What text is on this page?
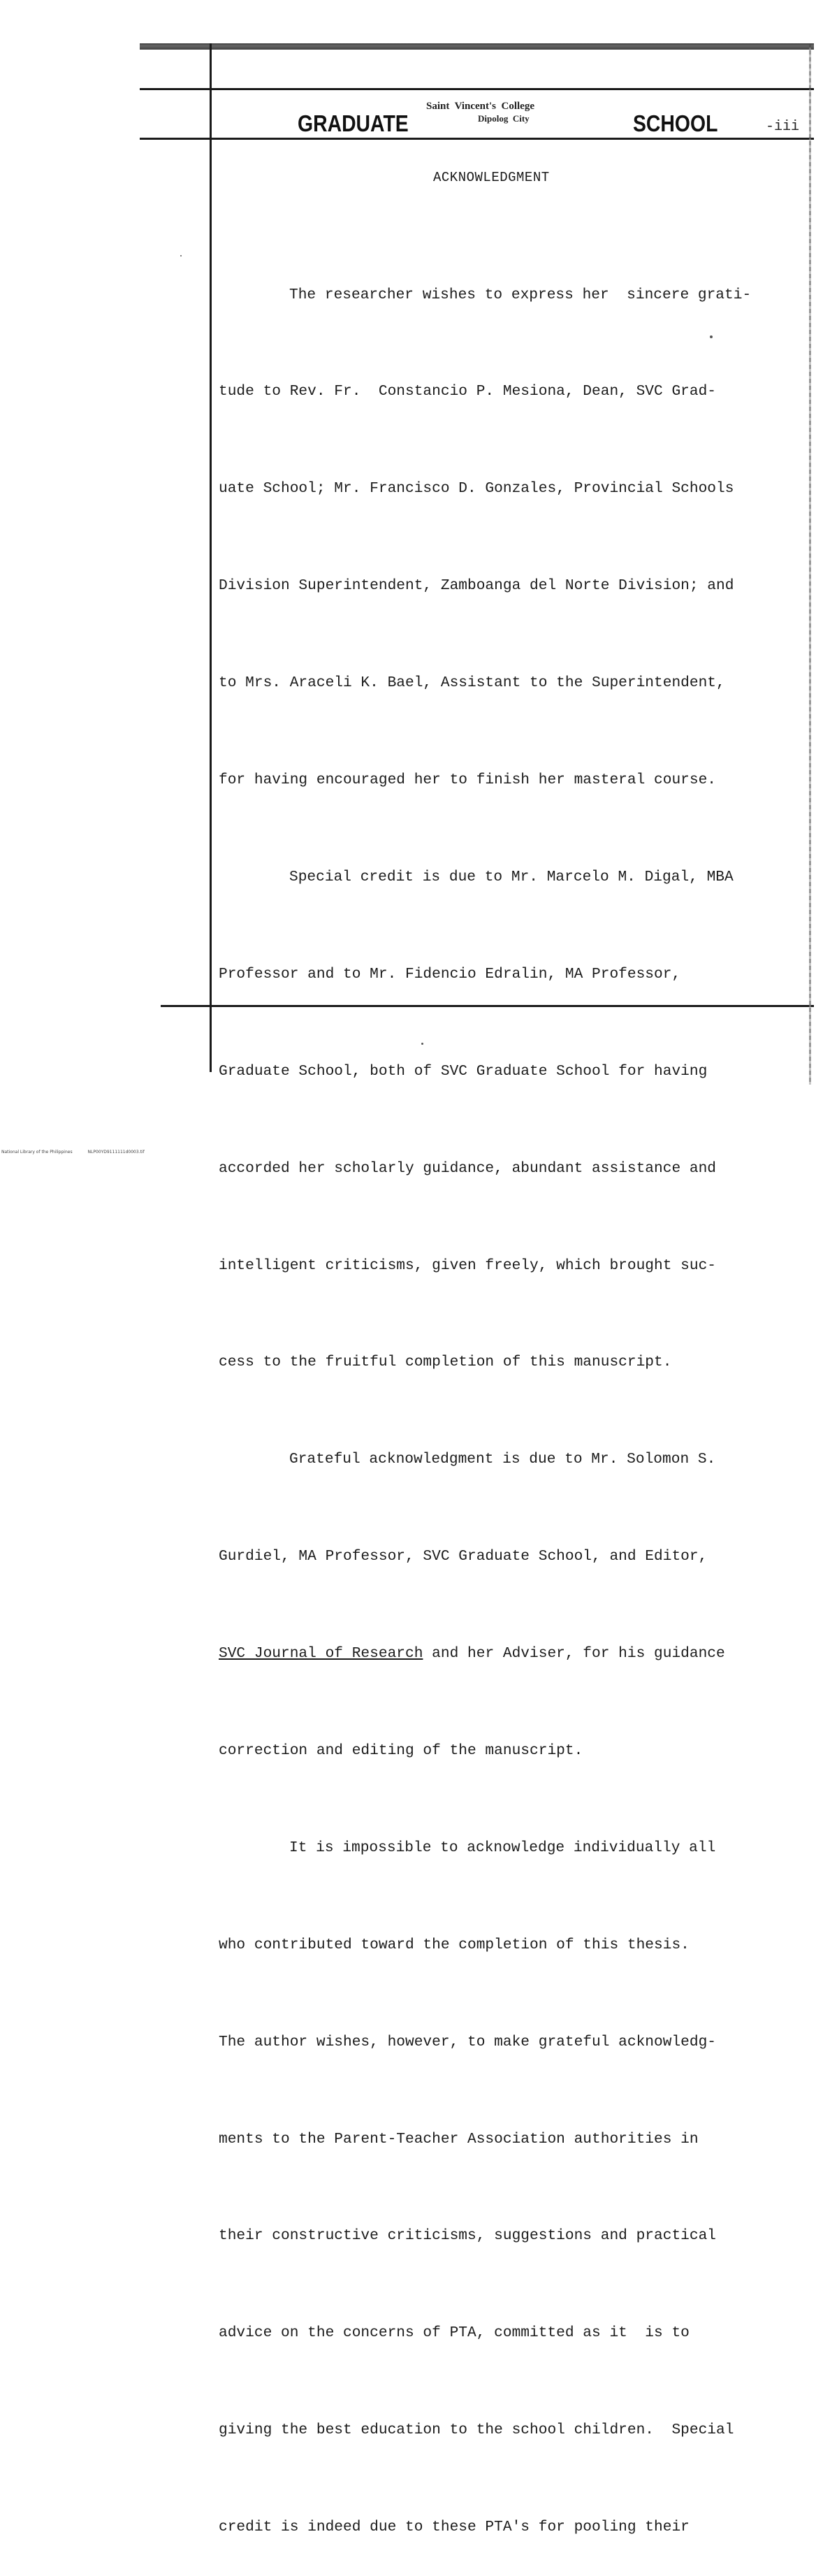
GRADUATE
Saint  Vincent's  College
Dipolog  City	SCHOOL	-iii
ACKNOWLEDGMENT

The researcher wishes to express her  sincere grati-

tude to Rev. Fr.  Constancio P. Mesiona, Dean, SVC Grad-

uate School; Mr. Francisco D. Gonzales, Provincial Schools

Division Superintendent, Zamboanga del Norte Division; and

to Mrs. Araceli K. Bael, Assistant to the Superintendent,

for having encouraged her to finish her masteral course.

Special credit is due to Mr. Marcelo M. Digal, MBA

Professor and to Mr. Fidencio Edralin, MA Professor,

Graduate School, both of SVC Graduate School for having

accorded her scholarly guidance, abundant assistance and

intelligent criticisms, given freely, which brought suc-

cess to the fruitful completion of this manuscript.

Grateful acknowledgment is due to Mr. Solomon S.

Gurdiel, MA Professor, SVC Graduate School, and Editor,

SVC Journal of Research and her Adviser, for his guidance

correction and editing of the manuscript.

It is impossible to acknowledge individually all

who contributed toward the completion of this thesis.

The author wishes, however, to make grateful acknowledg-

ments to the Parent-Teacher Association authorities in

their constructive criticisms, suggestions and practical

advice on the concerns of PTA, committed as it  is to

giving the best education to the school children.  Special

credit is indeed due to these PTA's for pooling their

National Library of the Philippines	NLP00YD9111111d0003.tif
